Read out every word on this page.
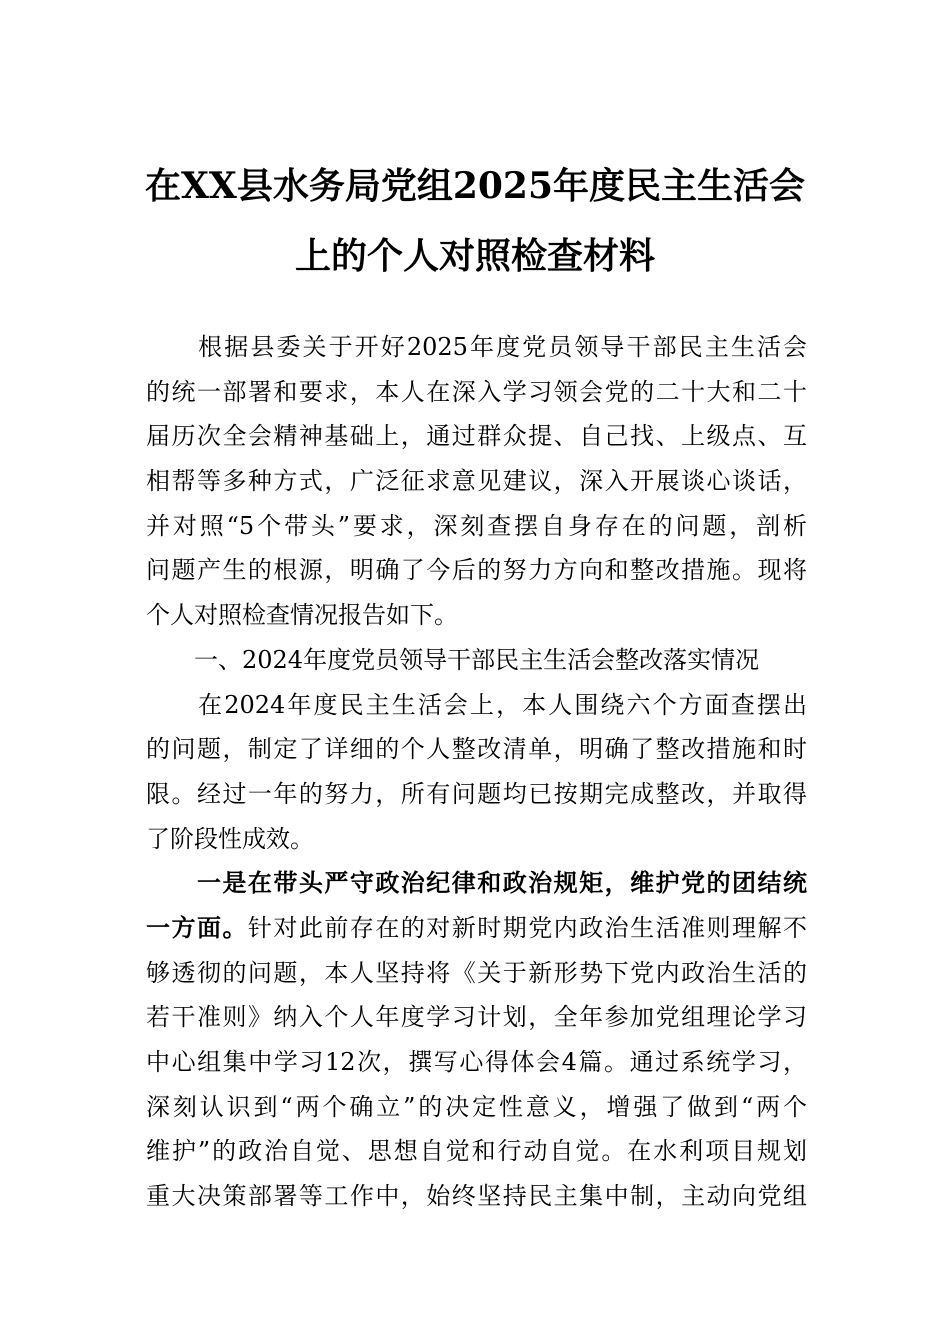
在XX县水务局党组2025年度民主生活会
上的个人对照检查材料
　　根据县委关于开好2025年度党员领导干部民主生活会
的统一部署和要求，本人在深入学习领会党的二十大和二十
届历次全会精神基础上，通过群众提、自己找、上级点、互
相帮等多种方式，广泛征求意见建议，深入开展谈心谈话，
并对照“5个带头”要求，深刻查摆自身存在的问题，剖析
问题产生的根源，明确了今后的努力方向和整改措施。现将
个人对照检查情况报告如下。
　　一、2024年度党员领导干部民主生活会整改落实情况
　　在2024年度民主生活会上，本人围绕六个方面查摆出
的问题，制定了详细的个人整改清单，明确了整改措施和时
限。经过一年的努力，所有问题均已按期完成整改，并取得
了阶段性成效。
　　一是在带头严守政治纪律和政治规矩，维护党的团结统
一方面。针对此前存在的对新时期党内政治生活准则理解不
够透彻的问题，本人坚持将《关于新形势下党内政治生活的
若干准则》纳入个人年度学习计划，全年参加党组理论学习
中心组集中学习12次，撰写心得体会4篇。通过系统学习，
深刻认识到“两个确立”的决定性意义，增强了做到“两个
维护”的政治自觉、思想自觉和行动自觉。在水利项目规划
重大决策部署等工作中，始终坚持民主集中制，主动向党组
